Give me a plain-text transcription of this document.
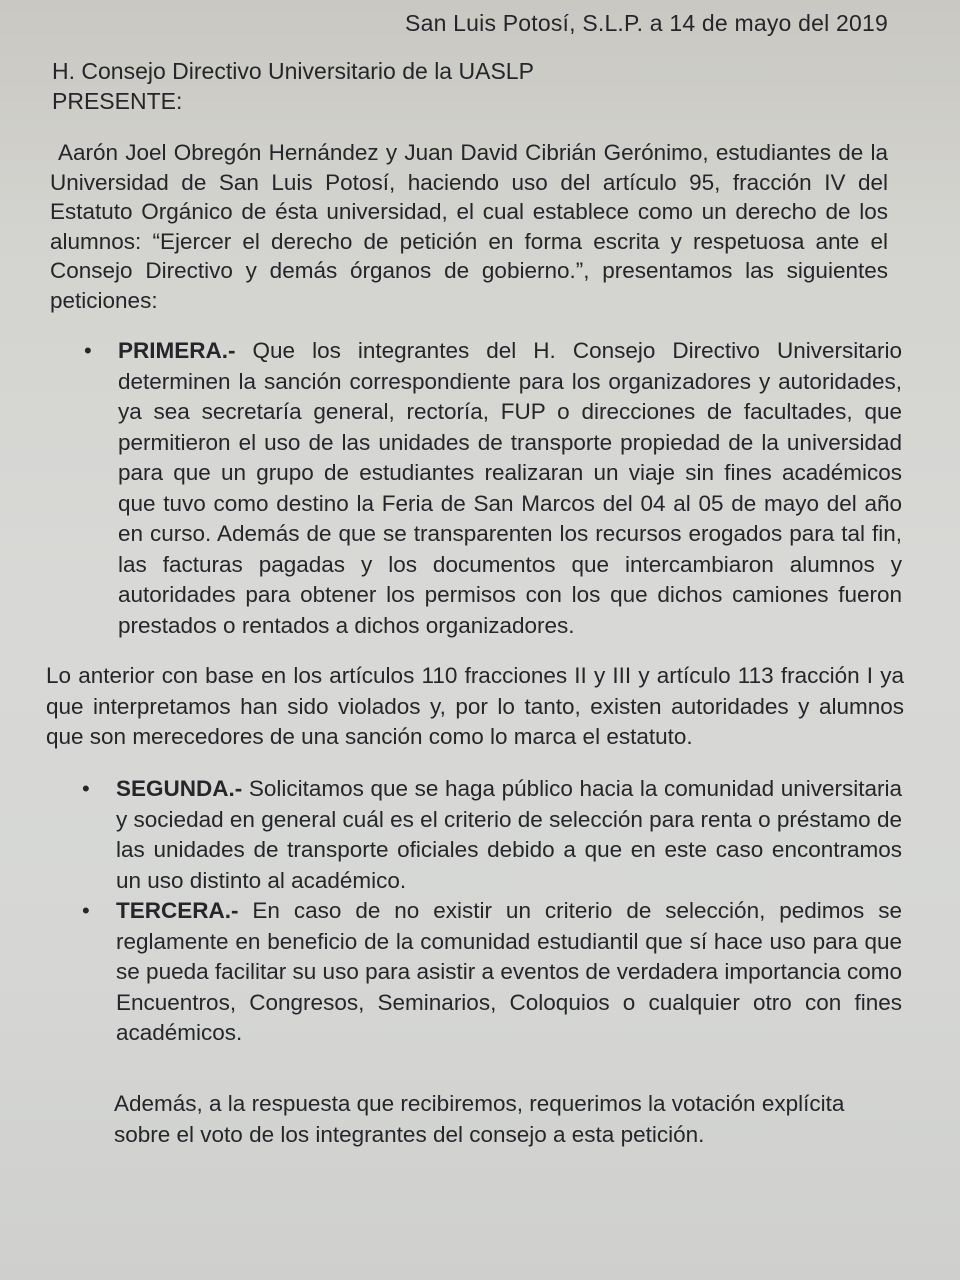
San Luis Potosí, S.L.P. a 14 de mayo del 2019
H. Consejo Directivo Universitario de la UASLP
PRESENTE:
Aarón Joel Obregón Hernández y Juan David Cibrián Gerónimo, estudiantes de la Universidad de San Luis Potosí, haciendo uso del artículo 95, fracción IV del Estatuto Orgánico de ésta universidad, el cual establece como un derecho de los alumnos: “Ejercer el derecho de petición en forma escrita y respetuosa ante el Consejo Directivo y demás órganos de gobierno.”, presentamos las siguientes peticiones:
• PRIMERA.- Que los integrantes del H. Consejo Directivo Universitario determinen la sanción correspondiente para los organizadores y autoridades, ya sea secretaría general, rectoría, FUP o direcciones de facultades, que permitieron el uso de las unidades de transporte propiedad de la universidad para que un grupo de estudiantes realizaran un viaje sin fines académicos que tuvo como destino la Feria de San Marcos del 04 al 05 de mayo del año en curso. Además de que se transparenten los recursos erogados para tal fin, las facturas pagadas y los documentos que intercambiaron alumnos y autoridades para obtener los permisos con los que dichos camiones fueron prestados o rentados a dichos organizadores.
Lo anterior con base en los artículos 110 fracciones II y III y artículo 113 fracción I ya que interpretamos han sido violados y, por lo tanto, existen autoridades y alumnos que son merecedores de una sanción como lo marca el estatuto.
• SEGUNDA.- Solicitamos que se haga público hacia la comunidad universitaria y sociedad en general cuál es el criterio de selección para renta o préstamo de las unidades de transporte oficiales debido a que en este caso encontramos un uso distinto al académico.
• TERCERA.- En caso de no existir un criterio de selección, pedimos se reglamente en beneficio de la comunidad estudiantil que sí hace uso para que se pueda facilitar su uso para asistir a eventos de verdadera importancia como Encuentros, Congresos, Seminarios, Coloquios o cualquier otro con fines académicos.
Además, a la respuesta que recibiremos, requerimos la votación explícita sobre el voto de los integrantes del consejo a esta petición.
